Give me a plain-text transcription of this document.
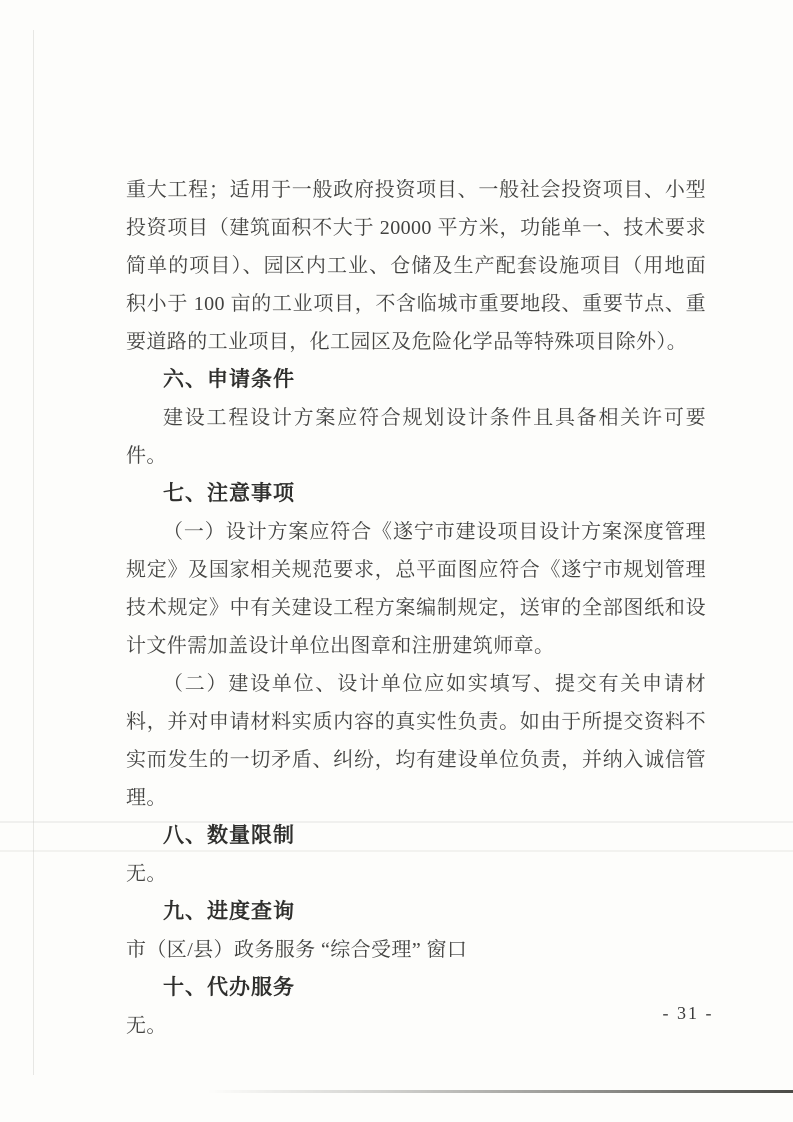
重大工程；适用于一般政府投资项目、一般社会投资项目、小型投资项目（建筑面积不大于 20000 平方米，功能单一、技术要求简单的项目）、园区内工业、仓储及生产配套设施项目（用地面积小于 100 亩的工业项目，不含临城市重要地段、重要节点、重要道路的工业项目，化工园区及危险化学品等特殊项目除外）。

六、申请条件

建设工程设计方案应符合规划设计条件且具备相关许可要件。

七、注意事项

（一）设计方案应符合《遂宁市建设项目设计方案深度管理规定》及国家相关规范要求，总平面图应符合《遂宁市规划管理技术规定》中有关建设工程方案编制规定，送审的全部图纸和设计文件需加盖设计单位出图章和注册建筑师章。

（二）建设单位、设计单位应如实填写、提交有关申请材料，并对申请材料实质内容的真实性负责。如由于所提交资料不实而发生的一切矛盾、纠纷，均有建设单位负责，并纳入诚信管理。

八、数量限制

无。

九、进度查询

市（区/县）政务服务 “综合受理” 窗口

十、代办服务

无。

- 31 -
